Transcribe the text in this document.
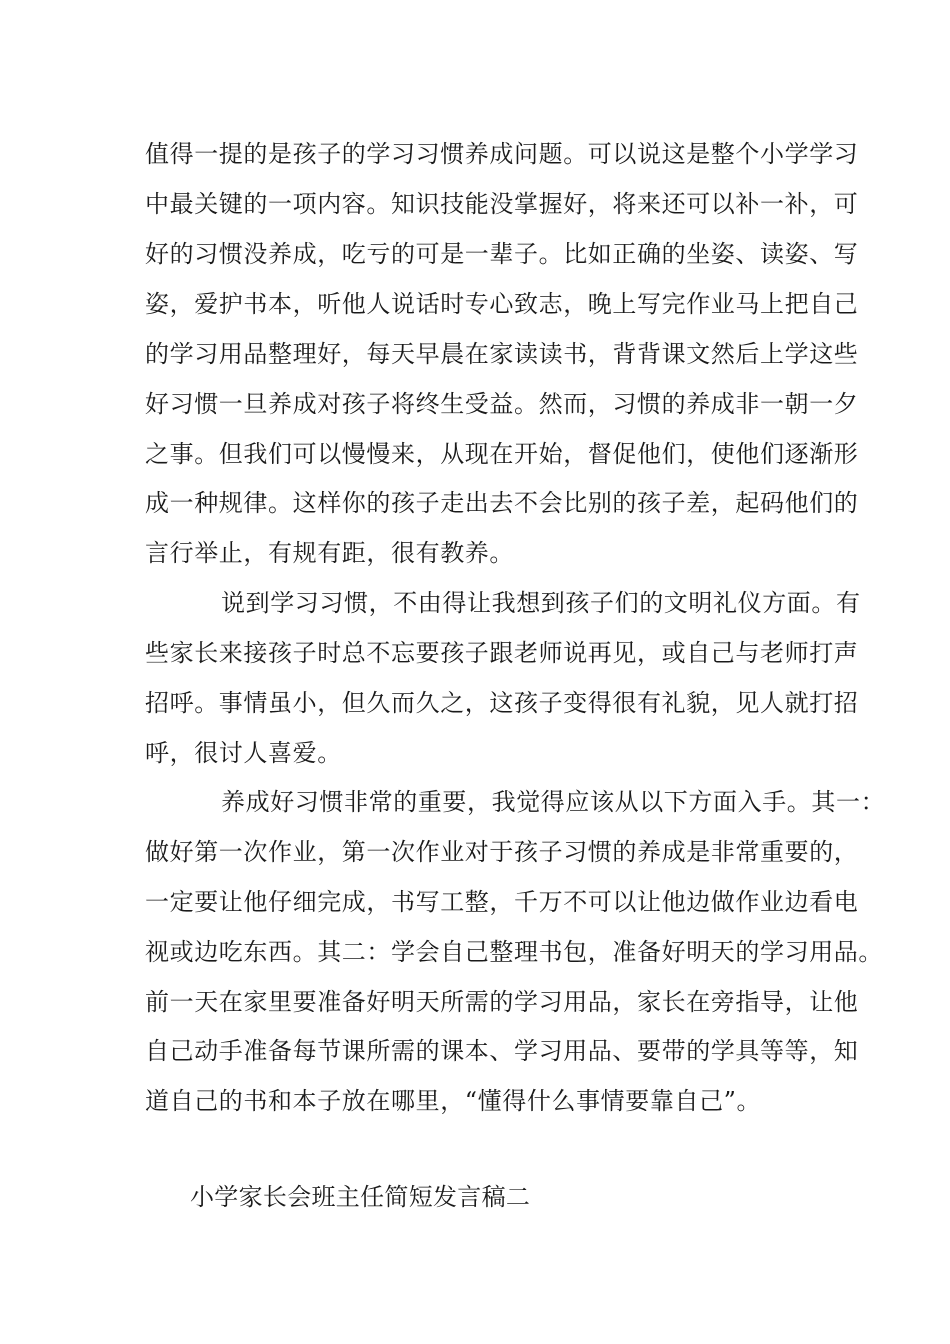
值得一提的是孩子的学习习惯养成问题。可以说这是整个小学学习
中最关键的一项内容。知识技能没掌握好，将来还可以补一补，可
好的习惯没养成，吃亏的可是一辈子。比如正确的坐姿、读姿、写
姿，爱护书本，听他人说话时专心致志，晚上写完作业马上把自己
的学习用品整理好，每天早晨在家读读书，背背课文然后上学这些
好习惯一旦养成对孩子将终生受益。然而，习惯的养成非一朝一夕
之事。但我们可以慢慢来，从现在开始，督促他们，使他们逐渐形
成一种规律。这样你的孩子走出去不会比别的孩子差，起码他们的
言行举止，有规有距，很有教养。
说到学习习惯，不由得让我想到孩子们的文明礼仪方面。有
些家长来接孩子时总不忘要孩子跟老师说再见，或自己与老师打声
招呼。事情虽小，但久而久之，这孩子变得很有礼貌，见人就打招
呼，很讨人喜爱。
养成好习惯非常的重要，我觉得应该从以下方面入手。其一：
做好第一次作业，第一次作业对于孩子习惯的养成是非常重要的，
一定要让他仔细完成，书写工整，千万不可以让他边做作业边看电
视或边吃东西。其二：学会自己整理书包，准备好明天的学习用品。
前一天在家里要准备好明天所需的学习用品，家长在旁指导，让他
自己动手准备每节课所需的课本、学习用品、要带的学具等等，知
道自己的书和本子放在哪里，“懂得什么事情要靠自己”。
小学家长会班主任简短发言稿二
